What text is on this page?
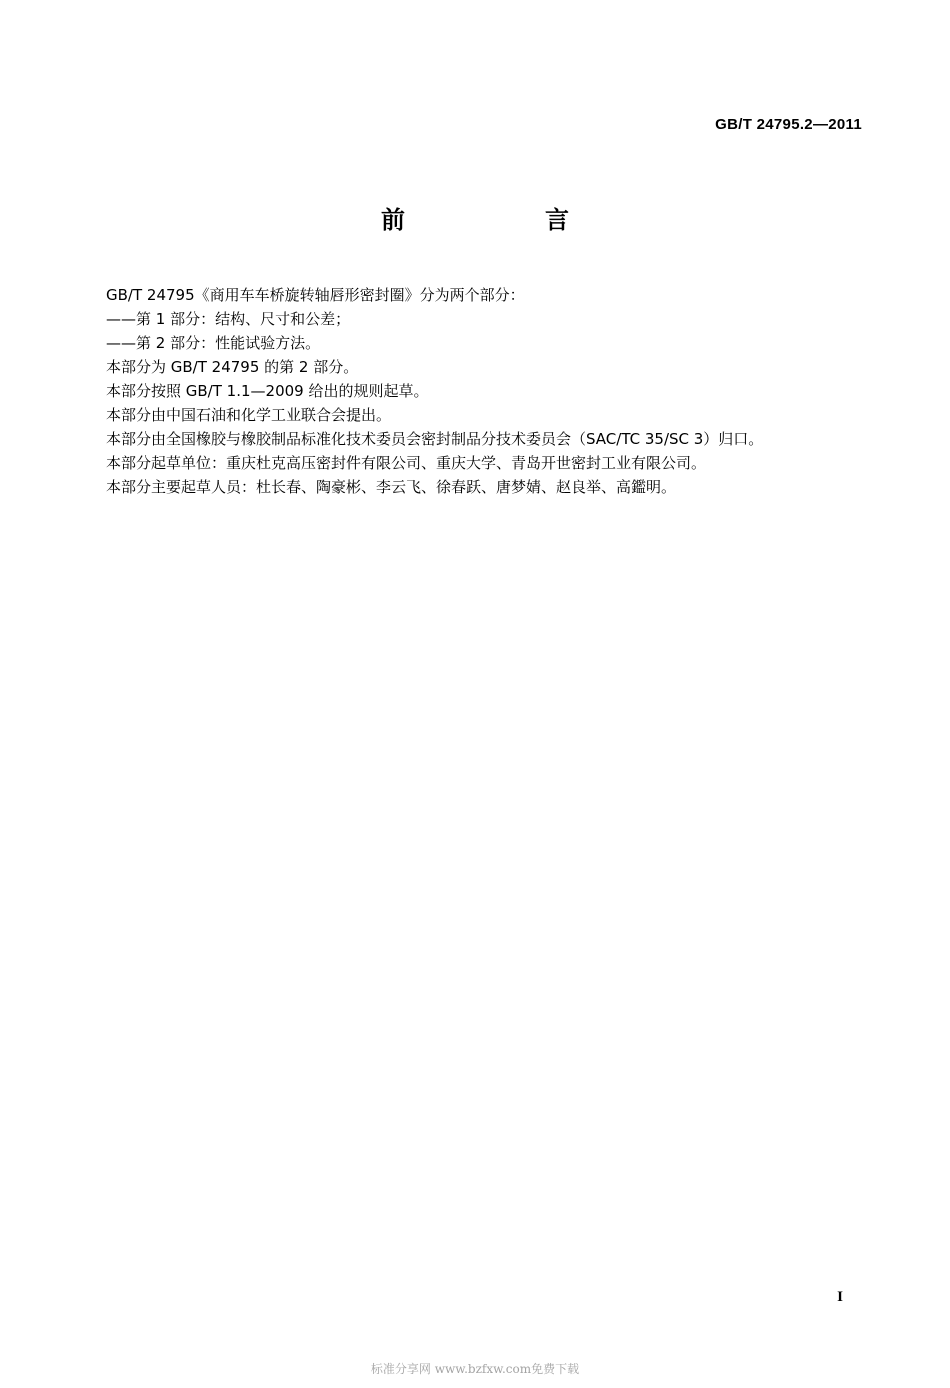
GB/T 24795.2—2011
前　言

GB/T 24795《商用车车桥旋转轴唇形密封圈》分为两个部分：

——第 1 部分：结构、尺寸和公差；

——第 2 部分：性能试验方法。

本部分为 GB/T 24795 的第 2 部分。

本部分按照 GB/T 1.1—2009 给出的规则起草。

本部分由中国石油和化学工业联合会提出。

本部分由全国橡胶与橡胶制品标准化技术委员会密封制品分技术委员会（SAC/TC 35/SC 3）归口。

本部分起草单位：重庆杜克高压密封件有限公司、重庆大学、青岛开世密封工业有限公司。

本部分主要起草人员：杜长春、陶豪彬、李云飞、徐春跃、唐梦婧、赵良举、高鑑明。

I
标准分享网 www.bzfxw.com免费下载
